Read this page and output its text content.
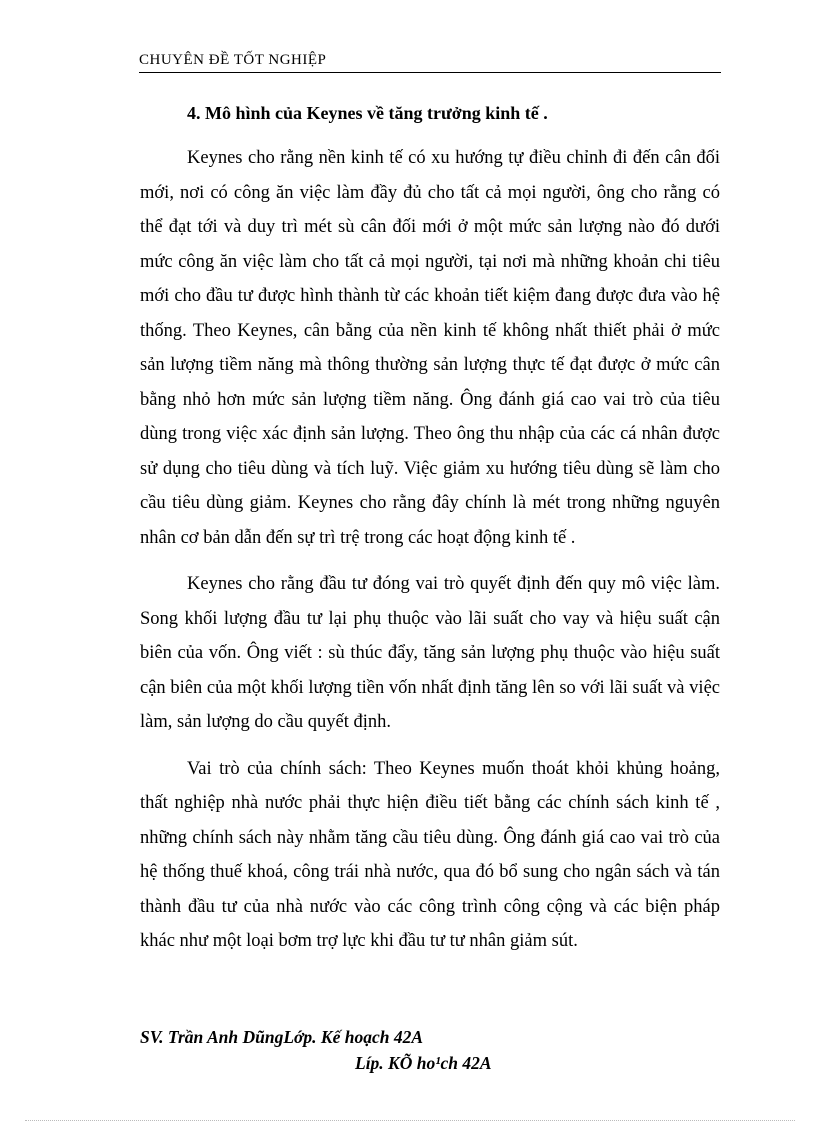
CHUYÊN ĐỀ TỐT NGHIỆP
4. Mô hình của Keynes về tăng trưởng kinh tế .

Keynes cho rằng nền kinh tế có xu hướng tự điều chỉnh đi đến cân đối mới, nơi có công ăn việc làm đầy đủ cho tất cả mọi người, ông cho rằng có thể đạt tới và duy trì mét sù cân đối mới ở một mức sản lượng nào đó dưới mức công ăn việc làm cho tất cả mọi người, tại nơi mà những khoản chi tiêu mới cho đầu tư được hình thành từ các khoản tiết kiệm đang được đưa vào hệ thống. Theo Keynes, cân bằng của nền kinh tế không nhất thiết phải ở mức sản lượng tiềm năng mà thông thường sản lượng thực tế đạt được ở mức cân bằng nhỏ hơn mức sản lượng tiềm năng. Ông đánh giá cao vai trò của tiêu dùng trong việc xác định sản lượng. Theo ông thu nhập của các cá nhân được sử dụng cho tiêu dùng và tích luỹ. Việc giảm xu hướng tiêu dùng sẽ làm cho cầu tiêu dùng giảm. Keynes cho rằng đây chính là mét trong những nguyên nhân cơ bản dẫn đến sự trì trệ trong các hoạt động kinh tế .

Keynes cho rằng đầu tư đóng vai trò quyết định đến quy mô việc làm. Song khối lượng đầu tư lại phụ thuộc vào lãi suất cho vay và hiệu suất cận biên của vốn. Ông viết : sù thúc đẩy, tăng sản lượng phụ thuộc vào hiệu suất cận biên của một khối lượng tiền vốn nhất định tăng lên so với lãi suất và việc làm, sản lượng do cầu quyết định.

Vai trò của chính sách: Theo Keynes muốn thoát khỏi khủng hoảng, thất nghiệp nhà nước phải thực hiện điều tiết bằng các chính sách kinh tế , những chính sách này nhằm tăng cầu tiêu dùng. Ông đánh giá cao vai trò của hệ thống thuế khoá, công trái nhà nước, qua đó bổ sung cho ngân sách và tán thành đầu tư của nhà nước vào các công trình công cộng và các biện pháp khác như một loại bơm trợ lực khi đầu tư tư nhân giảm sút.

SV. Trần Anh DũngLớp. Kế hoạch 42A
Líp. KÕ ho¹ch 42A
